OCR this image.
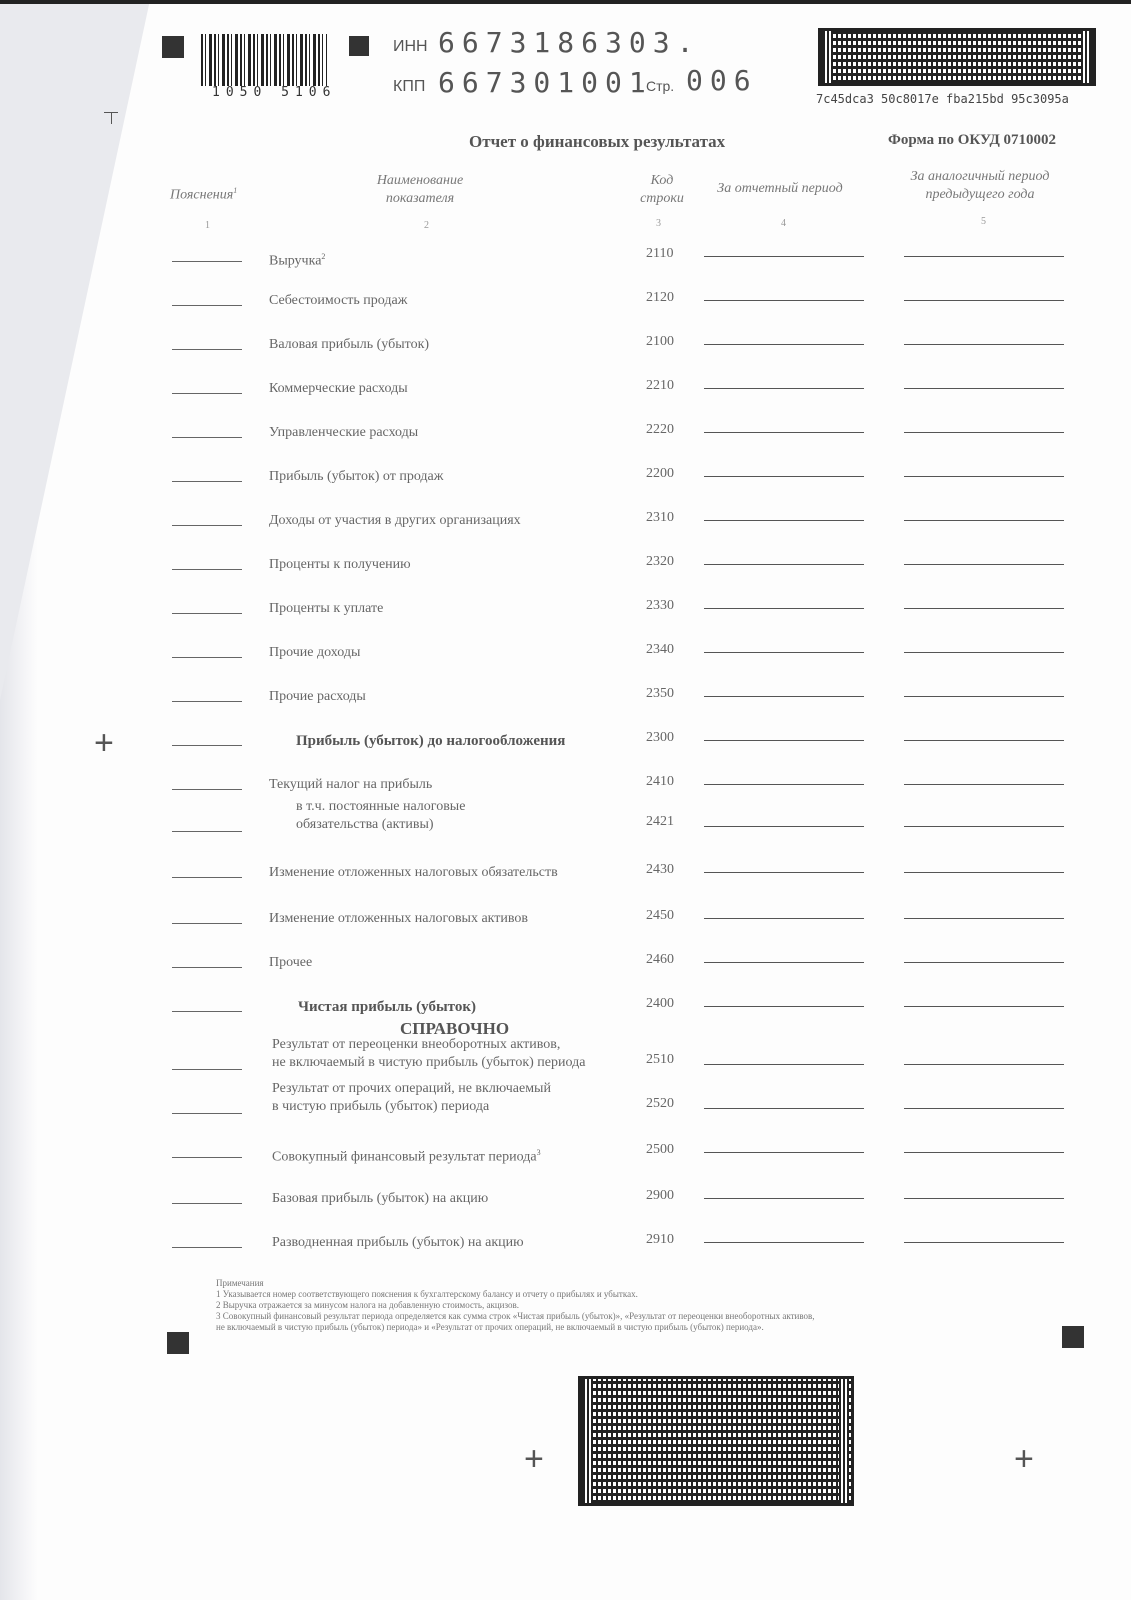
1050 5106
ИНН 6673186303.
КПП 667301001
Стр. 006
7c45dca3 50c8017e fba215bd 95c3095a
Отчет о финансовых результатах	Форма по ОКУД 0710002
Пояснения$^1$
Наименование
показателя
Код
строки
За отчетный период
За аналогичный период
предыдущего года
1	2	3	4	5
Выручка$^2$	2110
Себестоимость продаж	2120
Валовая прибыль (убыток)	2100
Коммерческие расходы	2210
Управленческие расходы	2220
Прибыль (убыток) от продаж	2200
Доходы от участия в других организациях	2310
Проценты к получению	2320
Проценты к уплате	2330
Прочие доходы	2340
Прочие расходы	2350
Прибыль (убыток) до налогообложения	2300
Текущий налог на прибыль	2410
в т.ч. постоянные налоговые
обязательства (активы)	2421
Изменение отложенных налоговых обязательств	2430
Изменение отложенных налоговых активов	2450
Прочее	2460
Чистая прибыль (убыток)	2400
Результат от переоценки внеоборотных активов,
не включаемый в чистую прибыль (убыток) периода	2510
Результат от прочих операций, не включаемый
в чистую прибыль (убыток) периода	2520
Совокупный финансовый результат периода$^3$	2500
Базовая прибыль (убыток) на акцию	2900
Разводненная прибыль (убыток) на акцию	2910
СПРАВОЧНО
+
Примечания
1 Указывается номер соответствующего пояснения к бухгалтерскому балансу и отчету о прибылях и убытках.
2 Выручка отражается за минусом налога на добавленную стоимость, акцизов.
3 Совокупный финансовый результат периода определяется как сумма строк «Чистая прибыль (убыток)», «Результат от переоценки внеоборотных активов,
не включаемый в чистую прибыль (убыток) периода» и «Результат от прочих операций, не включаемый в чистую прибыль (убыток) периода».
+	+
